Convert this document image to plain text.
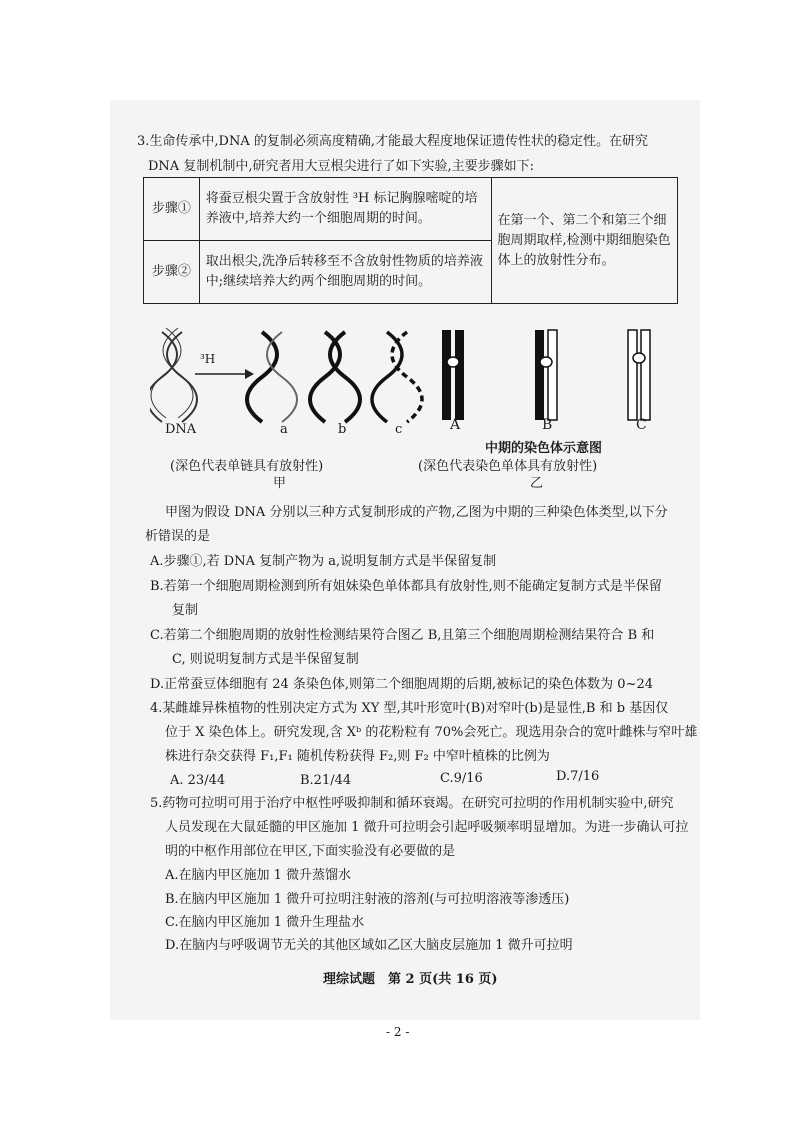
3.生命传承中,DNA 的复制必须高度精确,才能最大程度地保证遗传性状的稳定性。在研究
DNA 复制机制中,研究者用大豆根尖进行了如下实验,主要步骤如下:
步骤①	将蚕豆根尖置于含放射性 ³H 标记胸腺嘧啶的培养液中,培养大约一个细胞周期的时间。	在第一个、第二个和第三个细胞周期取样,检测中期细胞染色体上的放射性分布。
步骤②	取出根尖,洗净后转移至不含放射性物质的培养液中;继续培养大约两个细胞周期的时间。	
DNA
³H
a	b	c	A	B	C
中期的染色体示意图
(深色代表单链具有放射性)	(深色代表染色单体具有放射性)
甲	乙
甲图为假设 DNA 分别以三种方式复制形成的产物,乙图为中期的三种染色体类型,以下分
析错误的是
A.步骤①,若 DNA 复制产物为 a,说明复制方式是半保留复制
B.若第一个细胞周期检测到所有姐妹染色单体都具有放射性,则不能确定复制方式是半保留
复制
C.若第二个细胞周期的放射性检测结果符合图乙 B,且第三个细胞周期检测结果符合 B 和
C, 则说明复制方式是半保留复制
D.正常蚕豆体细胞有 24 条染色体,则第二个细胞周期的后期,被标记的染色体数为 0~24
4.某雌雄异株植物的性别决定方式为 XY 型,其叶形宽叶(B)对窄叶(b)是显性,B 和 b 基因仅
位于 X 染色体上。研究发现,含 Xᵇ 的花粉粒有 70%会死亡。现选用杂合的宽叶雌株与窄叶雄
株进行杂交获得 F₁,F₁ 随机传粉获得 F₂,则 F₂ 中窄叶植株的比例为
A. 23/44	B.21/44	C.9/16	D.7/16
5.药物可拉明可用于治疗中枢性呼吸抑制和循环衰竭。在研究可拉明的作用机制实验中,研究
人员发现在大鼠延髓的甲区施加 1 微升可拉明会引起呼吸频率明显增加。为进一步确认可拉
明的中枢作用部位在甲区,下面实验没有必要做的是
A.在脑内甲区施加 1 微升蒸馏水
B.在脑内甲区施加 1 微升可拉明注射液的溶剂(与可拉明溶液等渗透压)
C.在脑内甲区施加 1 微升生理盐水
D.在脑内与呼吸调节无关的其他区域如乙区大脑皮层施加 1 微升可拉明
理综试题　第 2 页(共 16 页)
- 2 -
